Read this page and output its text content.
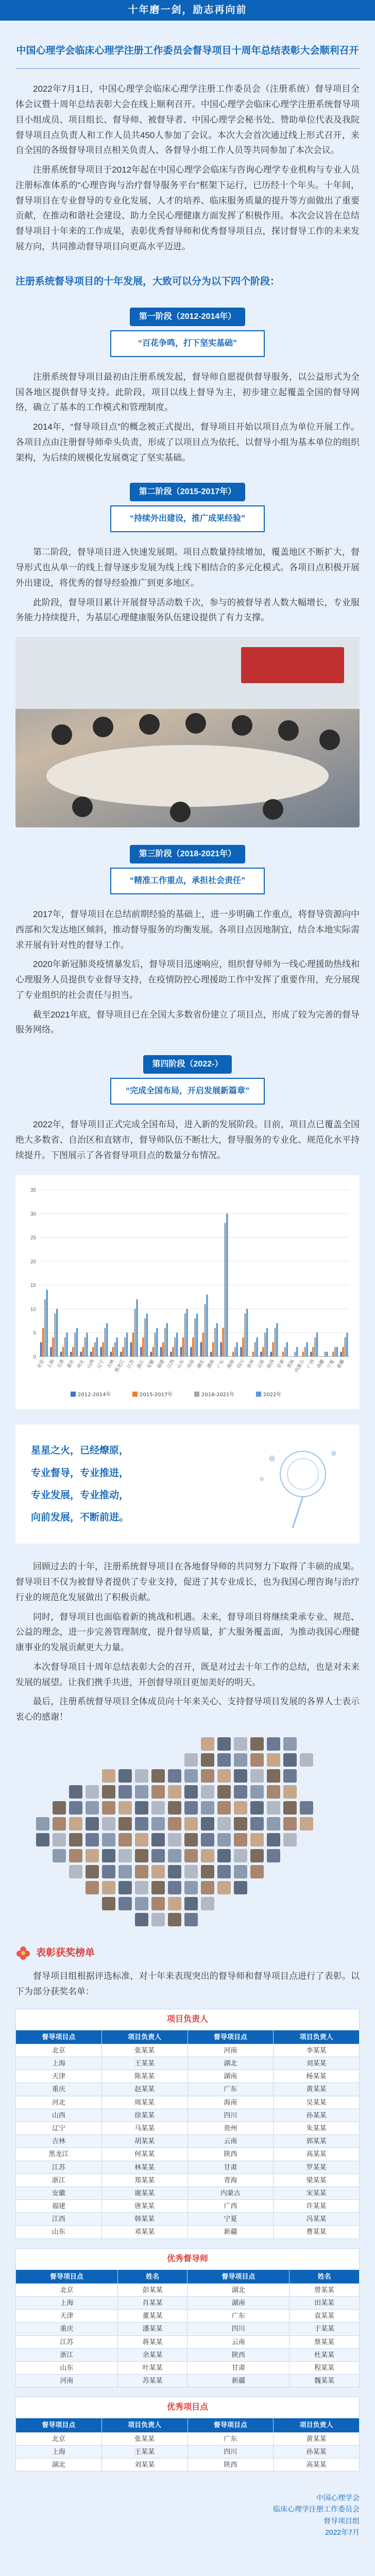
十年磨一剑，励志再向前
中国心理学会临床心理学注册工作委员会督导项目十周年总结表彰大会顺利召开

2022年7月1日，中国心理学会临床心理学注册工作委员会（注册系统）督导项目全体会议暨十周年总结表彰大会在线上顺利召开。中国心理学会临床心理学注册系统督导项目小组成员、项目组长、督导师、被督导者、中国心理学会秘书处、赞助单位代表及我院督导项目点负责人和工作人员共450人参加了会议。本次大会首次通过线上形式召开，来自全国的各级督导项目点相关负责人、各督导小组工作人员等共同参加了本次会议。

注册系统督导项目于2012年起在中国心理学会临床与咨询心理学专业机构与专业人员注册标准体系的“心理咨询与治疗督导服务平台”框架下运行，已历经十个年头。十年间，督导项目在专业督导的专业化发展、人才的培养、临床服务质量的提升等方面做出了重要贡献，在推动和谐社会建设、助力全民心理健康方面发挥了积极作用。本次会议旨在总结督导项目十年来的工作成果，表彰优秀督导师和优秀督导项目点，探讨督导工作的未来发展方向，共同推动督导项目向更高水平迈进。

注册系统督导项目的十年发展，大致可以分为以下四个阶段：
第一阶段（2012-2014年）
“百花争鸣，打下坚实基础”

注册系统督导项目最初由注册系统发起，督导师自愿提供督导服务，以公益形式为全国各地区提供督导支持。此阶段，项目以线上督导为主，初步建立起覆盖全国的督导网络，确立了基本的工作模式和管理制度。

2014年，“督导项目点”的概念被正式提出，督导项目开始以项目点为单位开展工作。各项目点由注册督导师牵头负责，形成了以项目点为依托、以督导小组为基本单位的组织架构，为后续的规模化发展奠定了坚实基础。

第二阶段（2015-2017年）
“持续外出建设，推广成果经验”

第二阶段，督导项目进入快速发展期。项目点数量持续增加，覆盖地区不断扩大，督导形式也从单一的线上督导逐步发展为线上线下相结合的多元化模式。各项目点积极开展外出建设，将优秀的督导经验推广到更多地区。

此阶段，督导项目累计开展督导活动数千次，参与的被督导者人数大幅增长，专业服务能力持续提升，为基层心理健康服务队伍建设提供了有力支撑。

第三阶段（2018-2021年）
“精准工作重点，承担社会责任”

2017年，督导项目在总结前期经验的基础上，进一步明确工作重点，将督导资源向中西部和欠发达地区倾斜，推动督导服务的均衡发展。各项目点因地制宜，结合本地实际需求开展有针对性的督导工作。

2020年新冠肺炎疫情暴发后，督导项目迅速响应，组织督导师为一线心理援助热线和心理服务人员提供专业督导支持，在疫情防控心理援助工作中发挥了重要作用，充分展现了专业组织的社会责任与担当。

截至2021年底，督导项目已在全国大多数省份建立了项目点，形成了较为完善的督导服务网络。

第四阶段（2022-）
“完成全国布局，开启发展新篇章”

2022年，督导项目正式完成全国布局，进入新的发展阶段。目前，项目点已覆盖全国绝大多数省、自治区和直辖市，督导师队伍不断壮大，督导服务的专业化、规范化水平持续提升。下图展示了各省督导项目点的数量分布情况。

0
5
10
15
20
25
30
35
北京 上海 天津 重庆 河北 山西 辽宁 吉林
黑龙江 江苏 浙江 安徽 福建 江西 山东 河南 湖北 湖南 广东 海南 四川 贵州 云南 陕西 甘肃 青海
内蒙古 广西 西藏 宁夏 新疆
2012-2014年	2015-2017年	2018-2021年	2022年
星星之火，已经燎原，
专业督导，专业推进，
专业发展，专业推动，
向前发展，不断前进。

回顾过去的十年，注册系统督导项目在各地督导师的共同努力下取得了丰硕的成果。督导项目不仅为被督导者提供了专业支持，促进了其专业成长，也为我国心理咨询与治疗行业的规范化发展做出了积极贡献。

同时，督导项目也面临着新的挑战和机遇。未来，督导项目将继续秉承专业、规范、公益的理念，进一步完善管理制度，提升督导质量，扩大服务覆盖面，为推动我国心理健康事业的发展贡献更大力量。

本次督导项目十周年总结表彰大会的召开，既是对过去十年工作的总结，也是对未来发展的展望。让我们携手共进，开创督导项目更加美好的明天。

最后，注册系统督导项目全体成员向十年来关心、支持督导项目发展的各界人士表示衷心的感谢！

表彰获奖榜单

督导项目组根据评选标准，对十年来表现突出的督导师和督导项目点进行了表彰。以下为部分获奖名单：

项目负责人
督导项目点	项目负责人	督导项目点	项目负责人
北京	张某某	河南	李某某
上海	王某某	湖北	刘某某
天津	陈某某	湖南	杨某某
重庆	赵某某	广东	黄某某
河北	周某某	海南	吴某某
山西	徐某某	四川	孙某某
辽宁	马某某	贵州	朱某某
吉林	胡某某	云南	郭某某
黑龙江	何某某	陕西	高某某
江苏	林某某	甘肃	罗某某
浙江	郑某某	青海	梁某某
安徽	谢某某	内蒙古	宋某某
福建	唐某某	广西	许某某
江西	韩某某	宁夏	冯某某
山东	邓某某	新疆	曹某某
优秀督导师
督导项目点	姓名	督导项目点	姓名
北京	彭某某	湖北	曾某某
上海	肖某某	湖南	田某某
天津	董某某	广东	袁某某
重庆	潘某某	四川	于某某
江苏	蒋某某	云南	蔡某某
浙江	余某某	陕西	杜某某
山东	叶某某	甘肃	程某某
河南	苏某某	新疆	魏某某
优秀项目点
督导项目点	项目负责人	督导项目点	项目负责人
北京	张某某	广东	黄某某
上海	王某某	四川	孙某某
湖北	刘某某	陕西	高某某
中国心理学会
临床心理学注册工作委员会
督导项目组
2022年7月
